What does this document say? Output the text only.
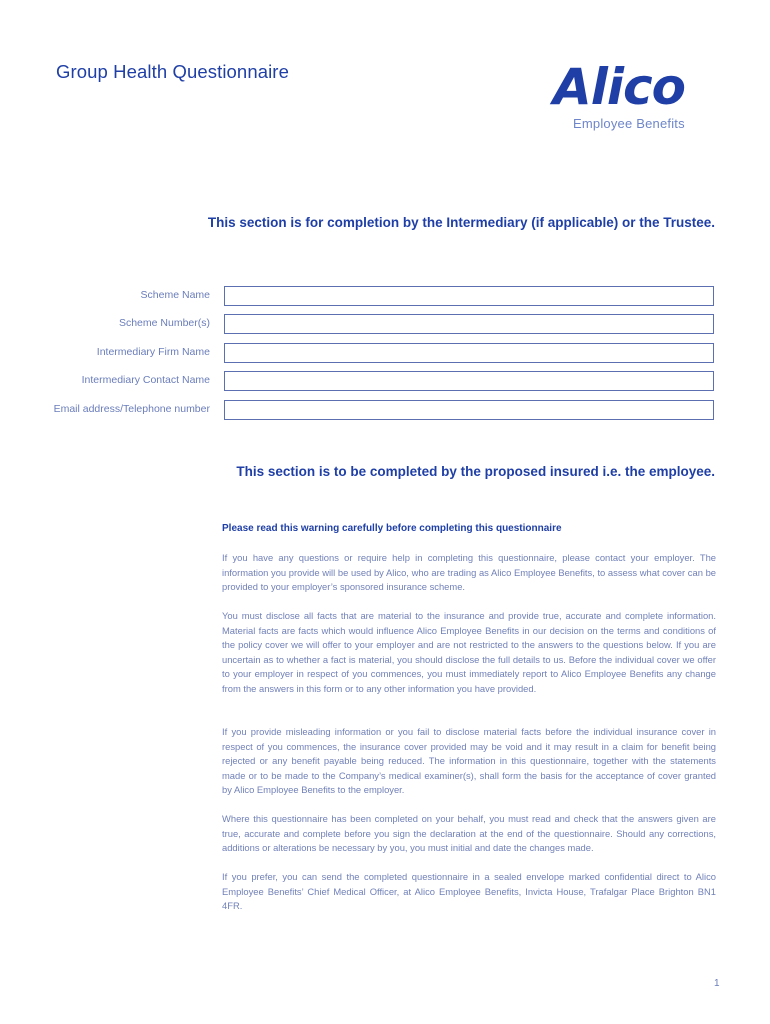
Group Health Questionnaire	Alico
Employee Benefits
This section is for completion by the Intermediary (if applicable) or the Trustee.
Scheme Name
Scheme Number(s)
Intermediary Firm Name
Intermediary Contact Name
Email address/Telephone number
This section is to be completed by the proposed insured i.e. the employee.
Please read this warning carefully before completing this questionnaire

If you have any questions or require help in completing this questionnaire, please contact your employer. The information you provide will be used by Alico, who are trading as Alico Employee Benefits, to assess what cover can be provided to your employer’s sponsored insurance scheme.

You must disclose all facts that are material to the insurance and provide true, accurate and complete information. Material facts are facts which would influence Alico Employee Benefits in our decision on the terms and conditions of the policy cover we will offer to your employer and are not restricted to the answers to the questions below. If you are uncertain as to whether a fact is material, you should disclose the full details to us. Before the individual cover we offer to your employer in respect of you commences, you must immediately report to Alico Employee Benefits any change from the answers in this form or to any other information you have provided.

If you provide misleading information or you fail to disclose material facts before the individual insurance cover in respect of you commences, the insurance cover provided may be void and it may result in a claim for benefit being rejected or any benefit payable being reduced. The information in this questionnaire, together with the statements made or to be made to the Company’s medical examiner(s), shall form the basis for the acceptance of cover granted by Alico Employee Benefits to the employer.

Where this questionnaire has been completed on your behalf, you must read and check that the answers given are true, accurate and complete before you sign the declaration at the end of the questionnaire. Should any corrections, additions or alterations be necessary by you, you must initial and date the changes made.

If you prefer, you can send the completed questionnaire in a sealed envelope marked confidential direct to Alico Employee Benefits’ Chief Medical Officer, at Alico Employee Benefits, Invicta House, Trafalgar Place Brighton BN1 4FR.

1
